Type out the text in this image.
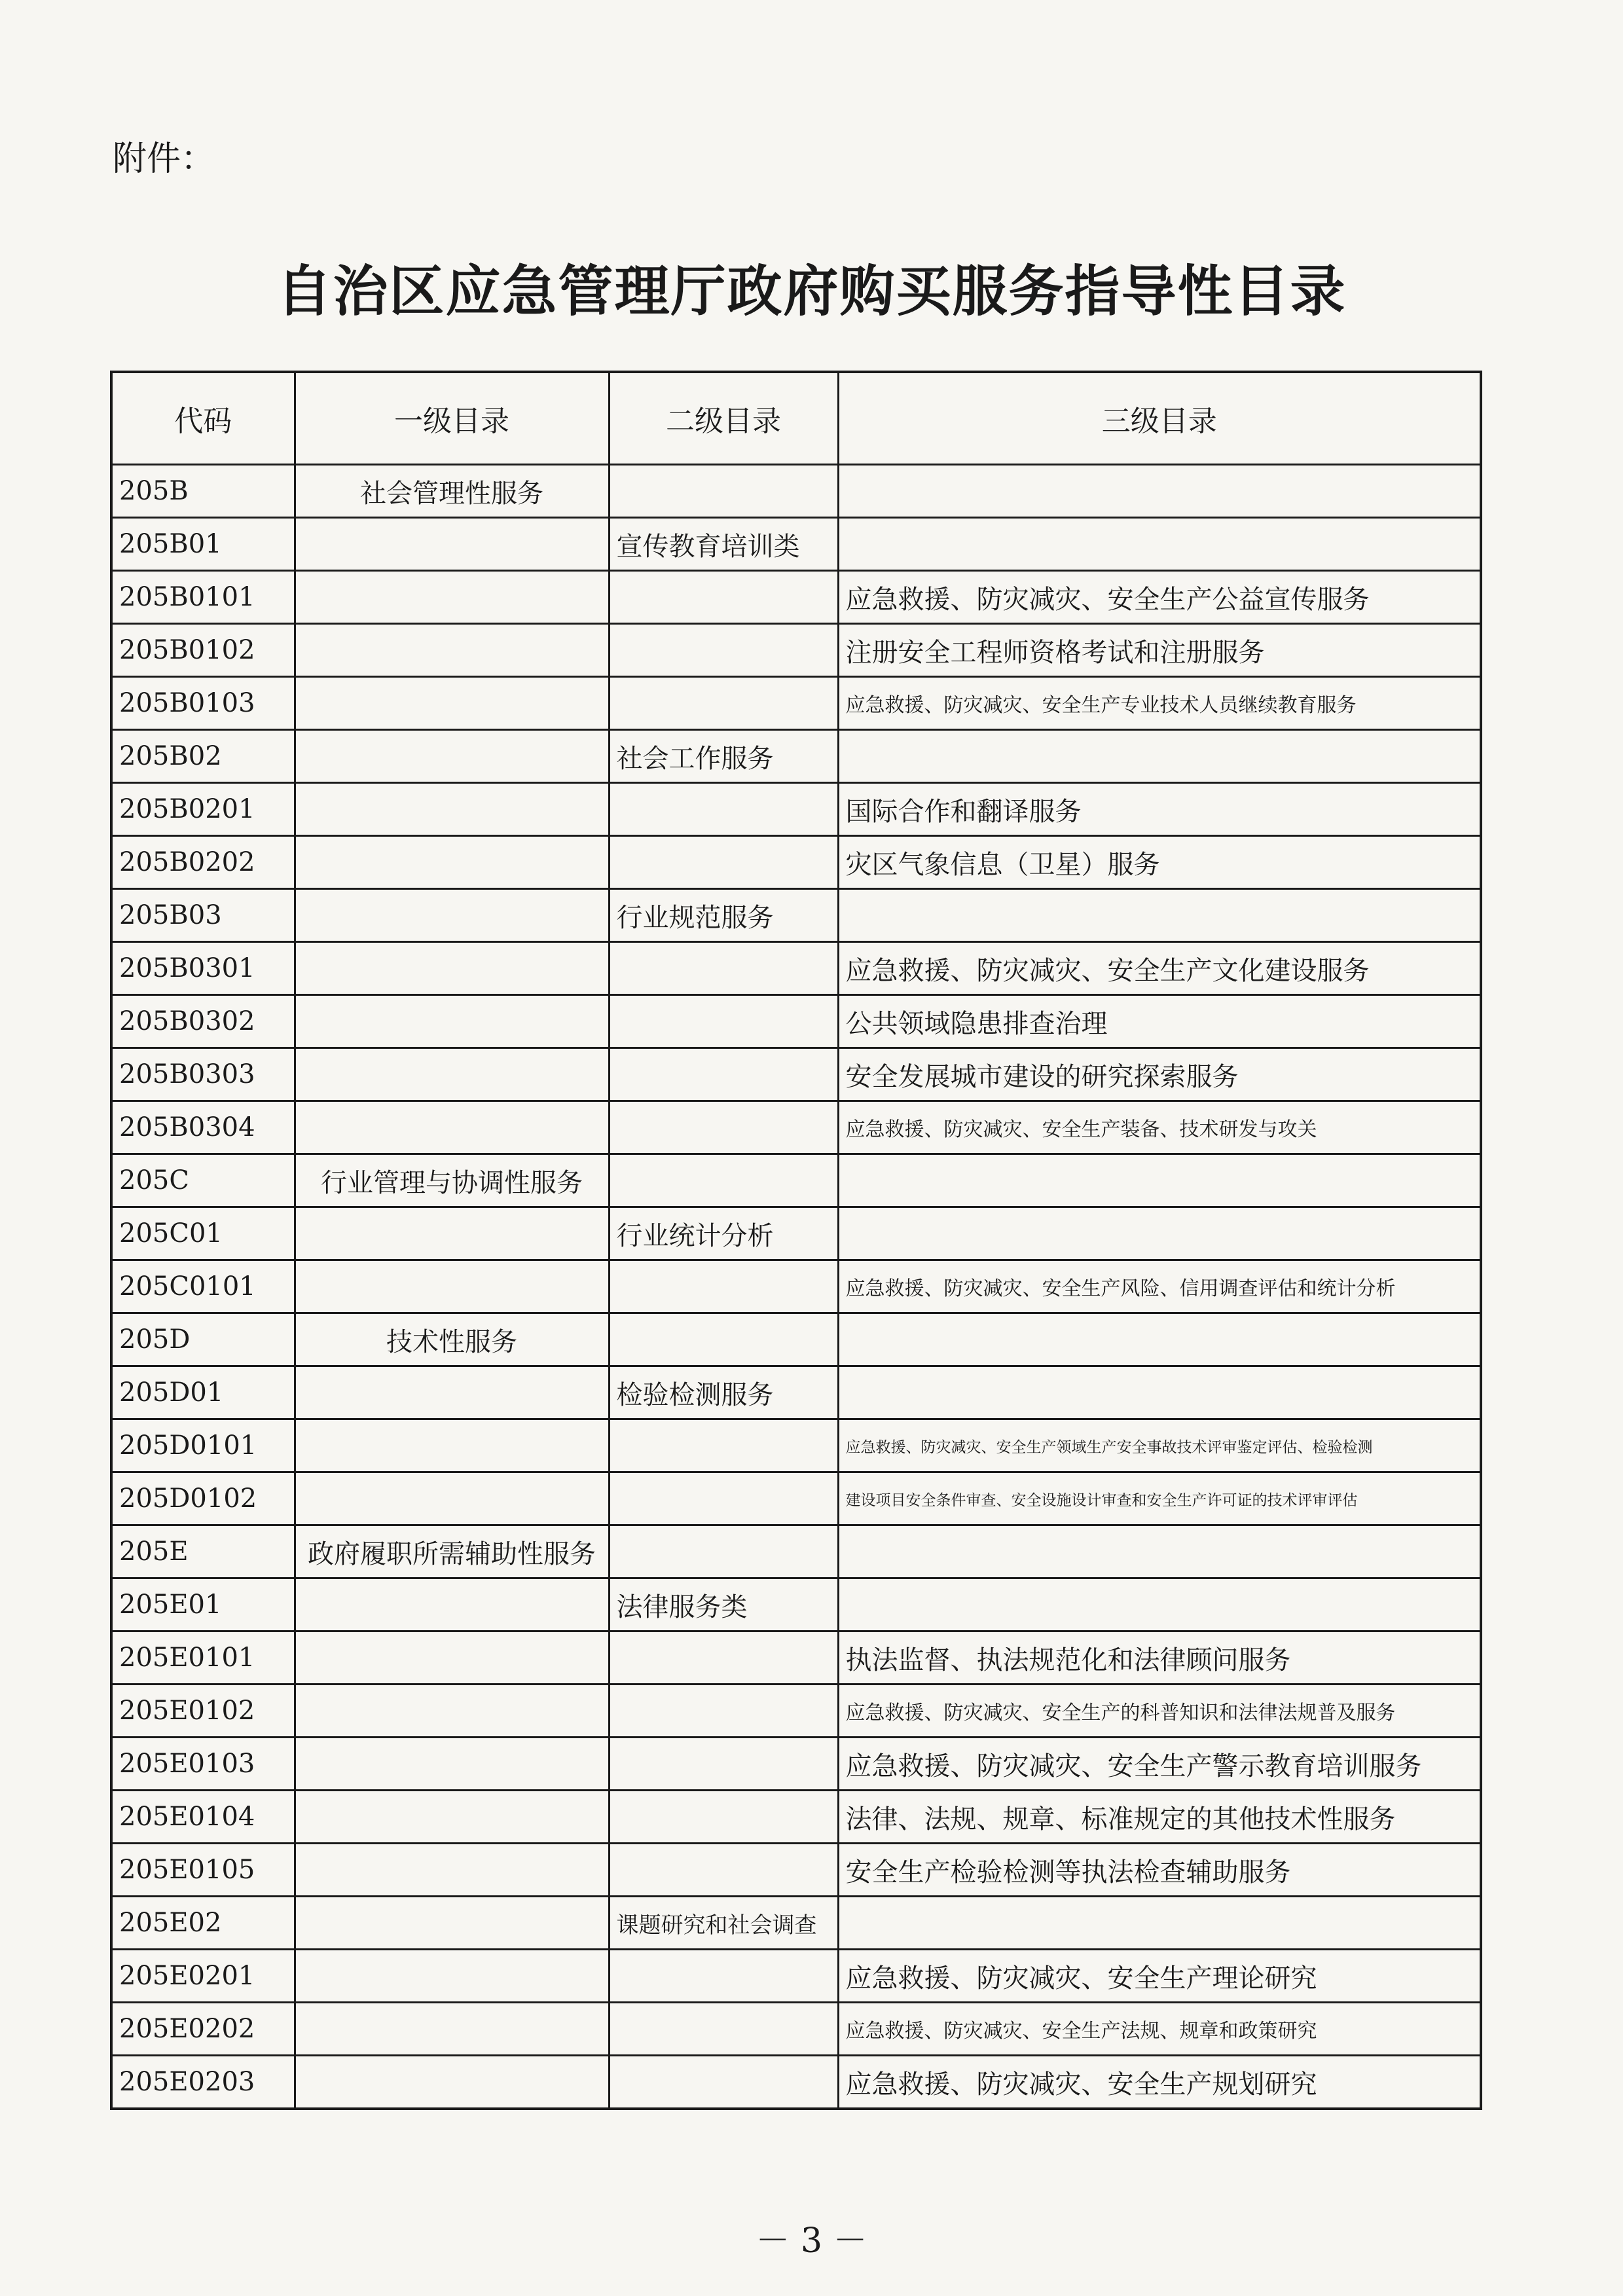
附件：
自治区应急管理厅政府购买服务指导性目录
代码	一级目录	二级目录	三级目录
205B	社会管理性服务		
205B01		宣传教育培训类	
205B0101			应急救援、防灾减灾、安全生产公益宣传服务
205B0102			注册安全工程师资格考试和注册服务
205B0103			应急救援、防灾减灾、安全生产专业技术人员继续教育服务
205B02		社会工作服务	
205B0201			国际合作和翻译服务
205B0202			灾区气象信息（卫星）服务
205B03		行业规范服务	
205B0301			应急救援、防灾减灾、安全生产文化建设服务
205B0302			公共领域隐患排查治理
205B0303			安全发展城市建设的研究探索服务
205B0304			应急救援、防灾减灾、安全生产装备、技术研发与攻关
205C	行业管理与协调性服务		
205C01		行业统计分析	
205C0101			应急救援、防灾减灾、安全生产风险、信用调查评估和统计分析
205D	技术性服务		
205D01		检验检测服务	
205D0101			应急救援、防灾减灾、安全生产领域生产安全事故技术评审鉴定评估、检验检测
205D0102			建设项目安全条件审查、安全设施设计审查和安全生产许可证的技术评审评估
205E	政府履职所需辅助性服务		
205E01		法律服务类	
205E0101			执法监督、执法规范化和法律顾问服务
205E0102			应急救援、防灾减灾、安全生产的科普知识和法律法规普及服务
205E0103			应急救援、防灾减灾、安全生产警示教育培训服务
205E0104			法律、法规、规章、标准规定的其他技术性服务
205E0105			安全生产检验检测等执法检查辅助服务
205E02		课题研究和社会调查	
205E0201			应急救援、防灾减灾、安全生产理论研究
205E0202			应急救援、防灾减灾、安全生产法规、规章和政策研究
205E0203			应急救援、防灾减灾、安全生产规划研究
－ 3 －
